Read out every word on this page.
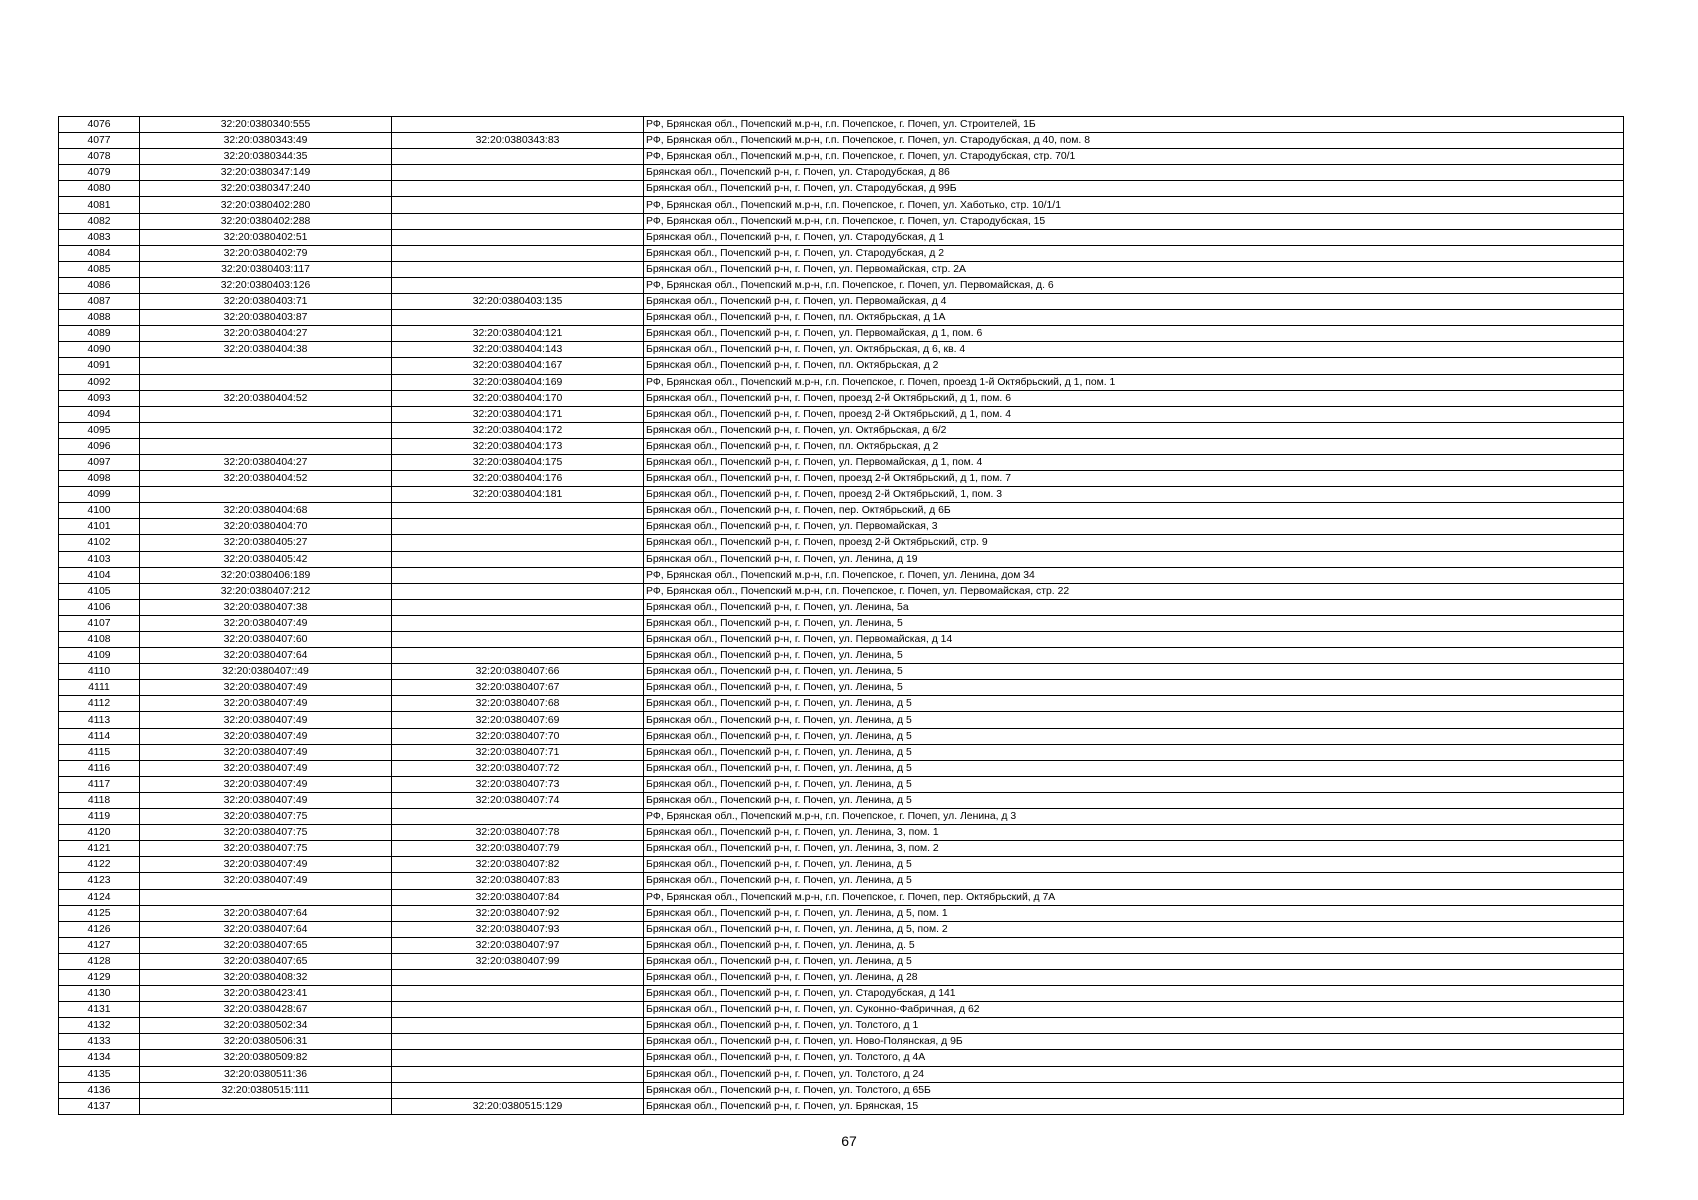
4076	32:20:0380340:555		РФ, Брянская обл., Почепский м.р-н, г.п. Почепское, г. Почеп, ул. Строителей, 1Б
4077	32:20:0380343:49	32:20:0380343:83	РФ, Брянская обл., Почепский м.р-н, г.п. Почепское, г. Почеп, ул. Стародубская, д 40, пом. 8
4078	32:20:0380344:35		РФ, Брянская обл., Почепский м.р-н, г.п. Почепское, г. Почеп, ул. Стародубская, стр. 70/1
4079	32:20:0380347:149		Брянская обл., Почепский р-н, г. Почеп, ул. Стародубская, д 86
4080	32:20:0380347:240		Брянская обл., Почепский р-н, г. Почеп, ул. Стародубская, д 99Б
4081	32:20:0380402:280		РФ, Брянская обл., Почепский м.р-н, г.п. Почепское, г. Почеп, ул. Хаботько, стр. 10/1/1
4082	32:20:0380402:288		РФ, Брянская обл., Почепский м.р-н, г.п. Почепское, г. Почеп, ул. Стародубская, 15
4083	32:20:0380402:51		Брянская обл., Почепский р-н, г. Почеп, ул. Стародубская, д 1
4084	32:20:0380402:79		Брянская обл., Почепский р-н, г. Почеп, ул. Стародубская, д 2
4085	32:20:0380403:117		Брянская обл., Почепский р-н, г. Почеп, ул. Первомайская, стр. 2А
4086	32:20:0380403:126		РФ, Брянская обл., Почепский м.р-н, г.п. Почепское, г. Почеп, ул. Первомайская, д. 6
4087	32:20:0380403:71	32:20:0380403:135	Брянская обл., Почепский р-н, г. Почеп, ул. Первомайская, д 4
4088	32:20:0380403:87		Брянская обл., Почепский р-н, г. Почеп, пл. Октябрьская, д 1А
4089	32:20:0380404:27	32:20:0380404:121	Брянская обл., Почепский р-н, г. Почеп, ул. Первомайская, д 1, пом. 6
4090	32:20:0380404:38	32:20:0380404:143	Брянская обл., Почепский р-н, г. Почеп, ул. Октябрьская, д 6, кв. 4
4091		32:20:0380404:167	Брянская обл., Почепский р-н, г. Почеп, пл. Октябрьская, д 2
4092		32:20:0380404:169	РФ, Брянская обл., Почепский м.р-н, г.п. Почепское, г. Почеп, проезд 1-й Октябрьский, д 1, пом. 1
4093	32:20:0380404:52	32:20:0380404:170	Брянская обл., Почепский р-н, г. Почеп, проезд 2-й Октябрьский, д 1, пом. 6
4094		32:20:0380404:171	Брянская обл., Почепский р-н, г. Почеп, проезд 2-й Октябрьский, д 1, пом. 4
4095		32:20:0380404:172	Брянская обл., Почепский р-н, г. Почеп, ул. Октябрьская, д 6/2
4096		32:20:0380404:173	Брянская обл., Почепский р-н, г. Почеп, пл. Октябрьская, д 2
4097	32:20:0380404:27	32:20:0380404:175	Брянская обл., Почепский р-н, г. Почеп, ул. Первомайская, д 1, пом. 4
4098	32:20:0380404:52	32:20:0380404:176	Брянская обл., Почепский р-н, г. Почеп, проезд 2-й Октябрьский, д 1, пом. 7
4099		32:20:0380404:181	Брянская обл., Почепский р-н, г. Почеп, проезд 2-й Октябрьский, 1, пом. 3
4100	32:20:0380404:68		Брянская обл., Почепский р-н, г. Почеп, пер. Октябрьский, д 6Б
4101	32:20:0380404:70		Брянская обл., Почепский р-н, г. Почеп, ул. Первомайская, 3
4102	32:20:0380405:27		Брянская обл., Почепский р-н, г. Почеп, проезд 2-й Октябрьский, стр. 9
4103	32:20:0380405:42		Брянская обл., Почепский р-н, г. Почеп, ул. Ленина, д 19
4104	32:20:0380406:189		РФ, Брянская обл., Почепский м.р-н, г.п. Почепское, г. Почеп, ул. Ленина, дом 34
4105	32:20:0380407:212		РФ, Брянская обл., Почепский м.р-н, г.п. Почепское, г. Почеп, ул. Первомайская, стр. 22
4106	32:20:0380407:38		Брянская обл., Почепский р-н, г. Почеп, ул. Ленина, 5а
4107	32:20:0380407:49		Брянская обл., Почепский р-н, г. Почеп, ул. Ленина, 5
4108	32:20:0380407:60		Брянская обл., Почепский р-н, г. Почеп, ул. Первомайская, д 14
4109	32:20:0380407:64		Брянская обл., Почепский р-н, г. Почеп, ул. Ленина, 5
4110	32:20:0380407::49	32:20:0380407:66	Брянская обл., Почепский р-н, г. Почеп, ул. Ленина, 5
4111	32:20:0380407:49	32:20:0380407:67	Брянская обл., Почепский р-н, г. Почеп, ул. Ленина, 5
4112	32:20:0380407:49	32:20:0380407:68	Брянская обл., Почепский р-н, г. Почеп, ул. Ленина, д 5
4113	32:20:0380407:49	32:20:0380407:69	Брянская обл., Почепский р-н, г. Почеп, ул. Ленина, д 5
4114	32:20:0380407:49	32:20:0380407:70	Брянская обл., Почепский р-н, г. Почеп, ул. Ленина, д 5
4115	32:20:0380407:49	32:20:0380407:71	Брянская обл., Почепский р-н, г. Почеп, ул. Ленина, д 5
4116	32:20:0380407:49	32:20:0380407:72	Брянская обл., Почепский р-н, г. Почеп, ул. Ленина, д 5
4117	32:20:0380407:49	32:20:0380407:73	Брянская обл., Почепский р-н, г. Почеп, ул. Ленина, д 5
4118	32:20:0380407:49	32:20:0380407:74	Брянская обл., Почепский р-н, г. Почеп, ул. Ленина, д 5
4119	32:20:0380407:75		РФ, Брянская обл., Почепский м.р-н, г.п. Почепское, г. Почеп, ул. Ленина, д 3
4120	32:20:0380407:75	32:20:0380407:78	Брянская обл., Почепский р-н, г. Почеп, ул. Ленина, 3, пом. 1
4121	32:20:0380407:75	32:20:0380407:79	Брянская обл., Почепский р-н, г. Почеп, ул. Ленина, 3, пом. 2
4122	32:20:0380407:49	32:20:0380407:82	Брянская обл., Почепский р-н, г. Почеп, ул. Ленина, д 5
4123	32:20:0380407:49	32:20:0380407:83	Брянская обл., Почепский р-н, г. Почеп, ул. Ленина, д 5
4124		32:20:0380407:84	РФ, Брянская обл., Почепский м.р-н, г.п. Почепское, г. Почеп, пер. Октябрьский, д 7А
4125	32:20:0380407:64	32:20:0380407:92	Брянская обл., Почепский р-н, г. Почеп, ул. Ленина, д 5, пом. 1
4126	32:20:0380407:64	32:20:0380407:93	Брянская обл., Почепский р-н, г. Почеп, ул. Ленина, д 5, пом. 2
4127	32:20:0380407:65	32:20:0380407:97	Брянская обл., Почепский р-н, г. Почеп, ул. Ленина, д. 5
4128	32:20:0380407:65	32:20:0380407:99	Брянская обл., Почепский р-н, г. Почеп, ул. Ленина, д 5
4129	32:20:0380408:32		Брянская обл., Почепский р-н, г. Почеп, ул. Ленина, д 28
4130	32:20:0380423:41		Брянская обл., Почепский р-н, г. Почеп, ул. Стародубская, д 141
4131	32:20:0380428:67		Брянская обл., Почепский р-н, г. Почеп, ул. Суконно-Фабричная, д 62
4132	32:20:0380502:34		Брянская обл., Почепский р-н, г. Почеп, ул. Толстого, д 1
4133	32:20:0380506:31		Брянская обл., Почепский р-н, г. Почеп, ул. Ново-Полянская, д 9Б
4134	32:20:0380509:82		Брянская обл., Почепский р-н, г. Почеп, ул. Толстого, д 4А
4135	32:20:0380511:36		Брянская обл., Почепский р-н, г. Почеп, ул. Толстого, д 24
4136	32:20:0380515:111		Брянская обл., Почепский р-н, г. Почеп, ул. Толстого, д 65Б
4137		32:20:0380515:129	Брянская обл., Почепский р-н, г. Почеп, ул. Брянская, 15
67
